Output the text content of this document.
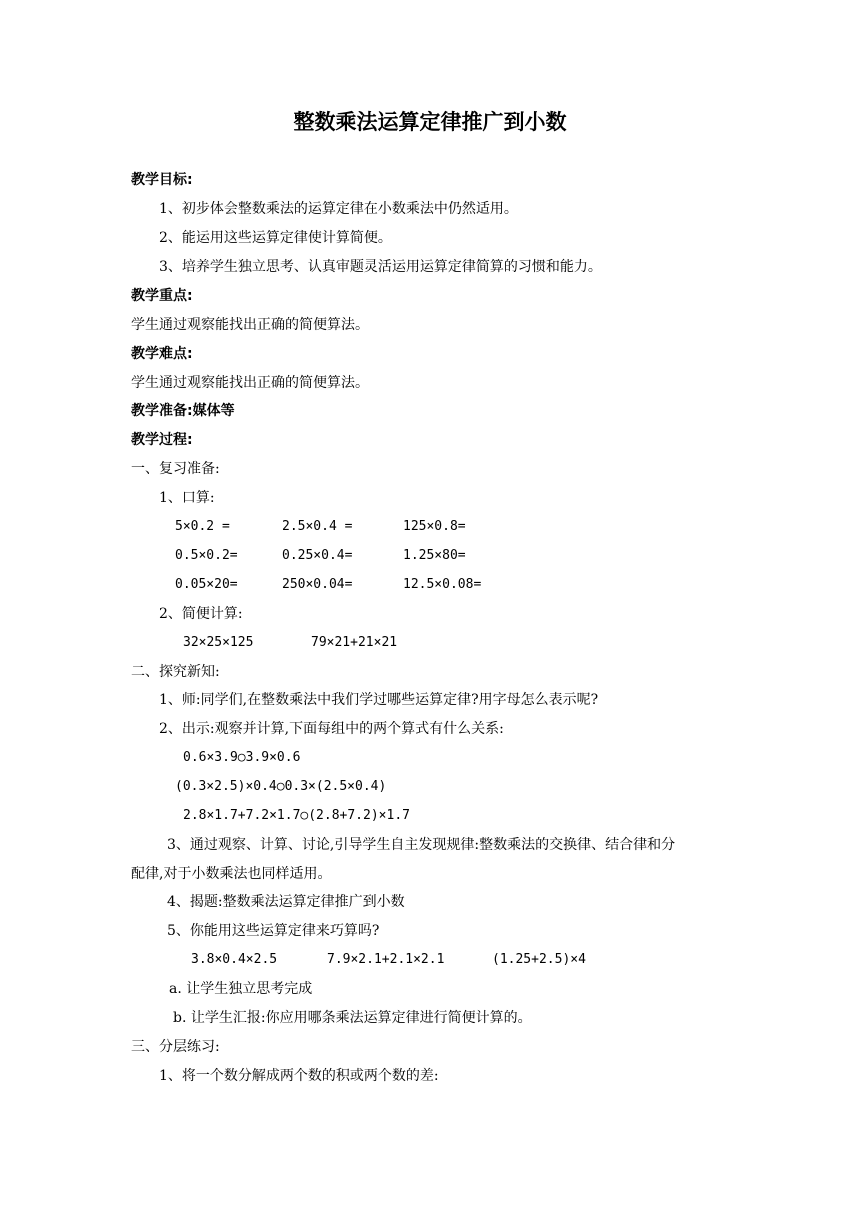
整数乘法运算定律推广到小数
教学目标:
1、初步体会整数乘法的运算定律在小数乘法中仍然适用。
2、能运用这些运算定律使计算简便。
3、培养学生独立思考、认真审题灵活运用运算定律简算的习惯和能力。
教学重点:
学生通过观察能找出正确的简便算法。
教学难点:
学生通过观察能找出正确的简便算法。
教学准备:媒体等
教学过程:
一、复习准备:
1、口算:
5×0.2 =	2.5×0.4 =	125×0.8=
0.5×0.2=	0.25×0.4=	1.25×80=
0.05×20=	250×0.04=	12.5×0.08=
2、简便计算:
32×25×125	79×21+21×21
二、探究新知:
1、师:同学们,在整数乘法中我们学过哪些运算定律?用字母怎么表示呢?
2、出示:观察并计算,下面每组中的两个算式有什么关系:
0.6×3.9○3.9×0.6
(0.3×2.5)×0.4○0.3×(2.5×0.4)
2.8×1.7+7.2×1.7○(2.8+7.2)×1.7
3、通过观察、计算、讨论,引导学生自主发现规律:整数乘法的交换律、结合律和分
配律,对于小数乘法也同样适用。
4、揭题:整数乘法运算定律推广到小数
5、你能用这些运算定律来巧算吗?
3.8×0.4×2.5	7.9×2.1+2.1×2.1	(1.25+2.5)×4
a. 让学生独立思考完成
b. 让学生汇报:你应用哪条乘法运算定律进行简便计算的。
三、分层练习:
1、将一个数分解成两个数的积或两个数的差:
